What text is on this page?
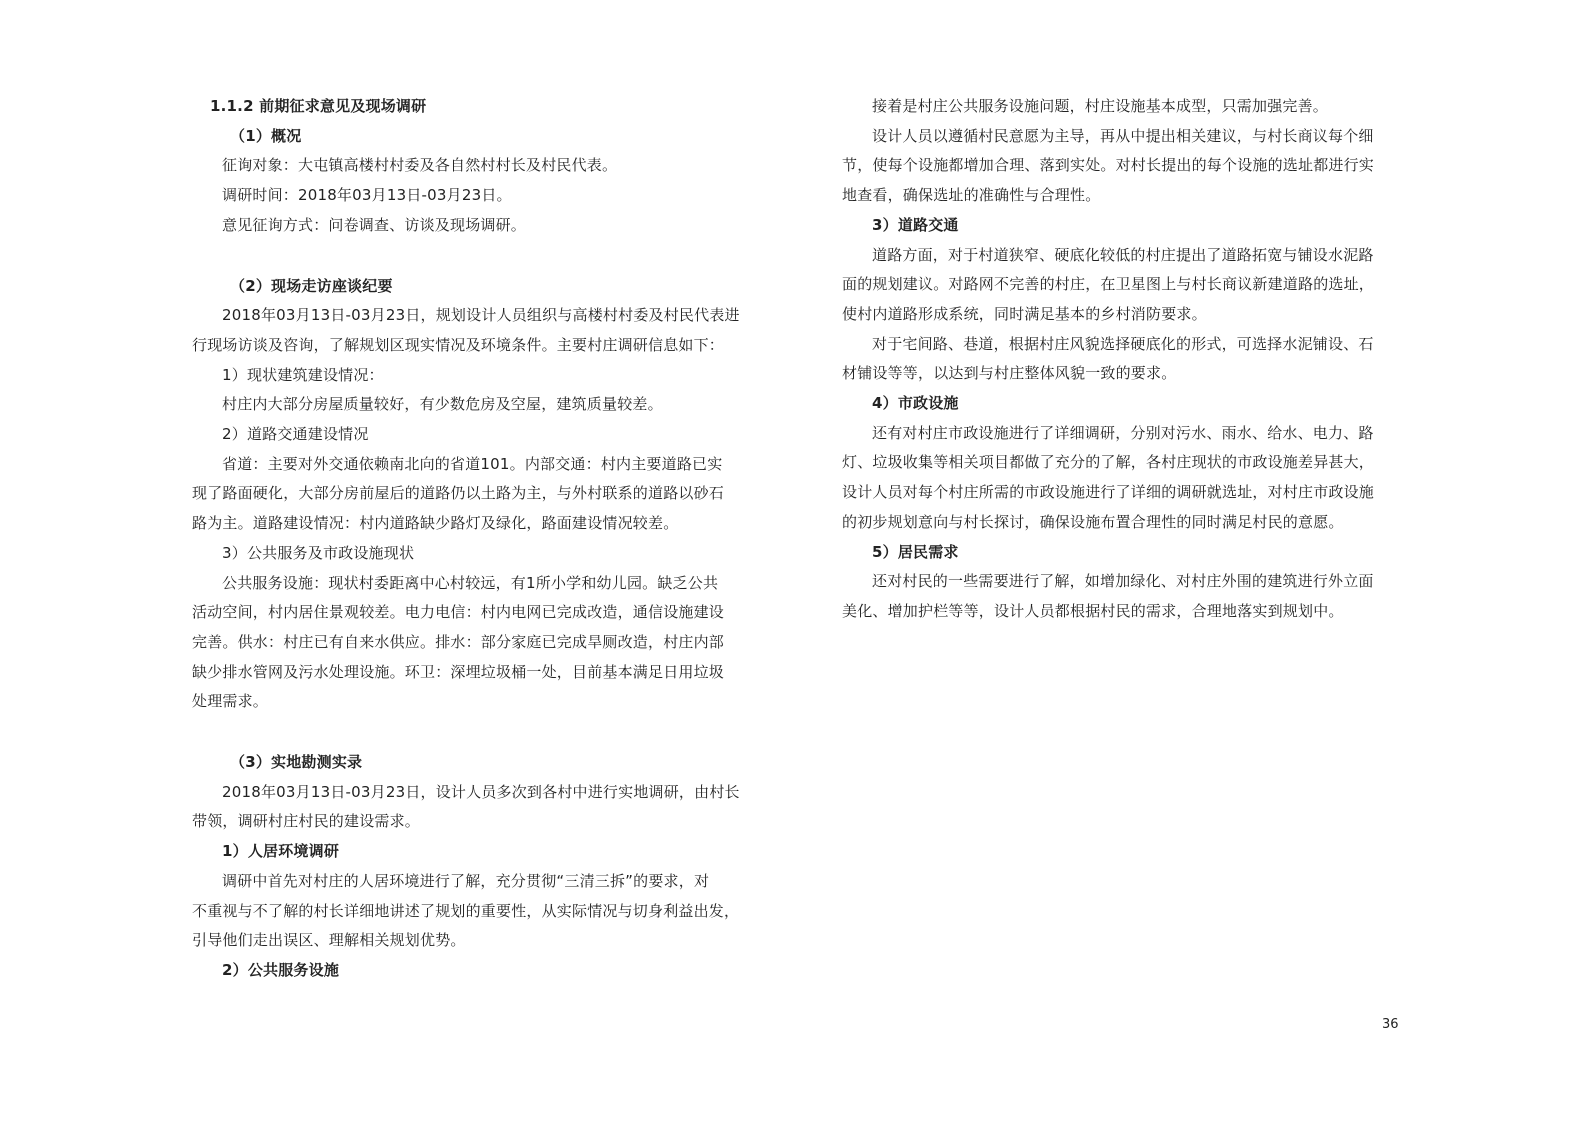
1.1.2 前期征求意见及现场调研

（1）概况

征询对象：大屯镇高楼村村委及各自然村村长及村民代表。

调研时间：2018年03月13日-03月23日。

意见征询方式：问卷调查、访谈及现场调研。

（2）现场走访座谈纪要

2018年03月13日-03月23日，规划设计人员组织与高楼村村委及村民代表进

行现场访谈及咨询，了解规划区现实情况及环境条件。主要村庄调研信息如下：

1）现状建筑建设情况：

村庄内大部分房屋质量较好，有少数危房及空屋，建筑质量较差。

2）道路交通建设情况

省道：主要对外交通依赖南北向的省道101。内部交通：村内主要道路已实

现了路面硬化，大部分房前屋后的道路仍以土路为主，与外村联系的道路以砂石

路为主。道路建设情况：村内道路缺少路灯及绿化，路面建设情况较差。

3）公共服务及市政设施现状

公共服务设施：现状村委距离中心村较远，有1所小学和幼儿园。缺乏公共

活动空间，村内居住景观较差。电力电信：村内电网已完成改造，通信设施建设

完善。供水：村庄已有自来水供应。排水：部分家庭已完成旱厕改造，村庄内部

缺少排水管网及污水处理设施。环卫：深埋垃圾桶一处，目前基本满足日用垃圾

处理需求。

（3）实地勘测实录

2018年03月13日-03月23日，设计人员多次到各村中进行实地调研，由村长

带领，调研村庄村民的建设需求。

1）人居环境调研

调研中首先对村庄的人居环境进行了解，充分贯彻“三清三拆”的要求，对

不重视与不了解的村长详细地讲述了规划的重要性，从实际情况与切身利益出发，

引导他们走出误区、理解相关规划优势。

2）公共服务设施

接着是村庄公共服务设施问题，村庄设施基本成型，只需加强完善。

设计人员以遵循村民意愿为主导，再从中提出相关建议，与村长商议每个细

节，使每个设施都增加合理、落到实处。对村长提出的每个设施的选址都进行实

地查看，确保选址的准确性与合理性。

3）道路交通

道路方面，对于村道狭窄、硬底化较低的村庄提出了道路拓宽与铺设水泥路

面的规划建议。对路网不完善的村庄，在卫星图上与村长商议新建道路的选址，

使村内道路形成系统，同时满足基本的乡村消防要求。

对于宅间路、巷道，根据村庄风貌选择硬底化的形式，可选择水泥铺设、石

材铺设等等，以达到与村庄整体风貌一致的要求。

4）市政设施

还有对村庄市政设施进行了详细调研，分别对污水、雨水、给水、电力、路

灯、垃圾收集等相关项目都做了充分的了解，各村庄现状的市政设施差异甚大，

设计人员对每个村庄所需的市政设施进行了详细的调研就选址，对村庄市政设施

的初步规划意向与村长探讨，确保设施布置合理性的同时满足村民的意愿。

5）居民需求

还对村民的一些需要进行了解，如增加绿化、对村庄外围的建筑进行外立面

美化、增加护栏等等，设计人员都根据村民的需求，合理地落实到规划中。

36
